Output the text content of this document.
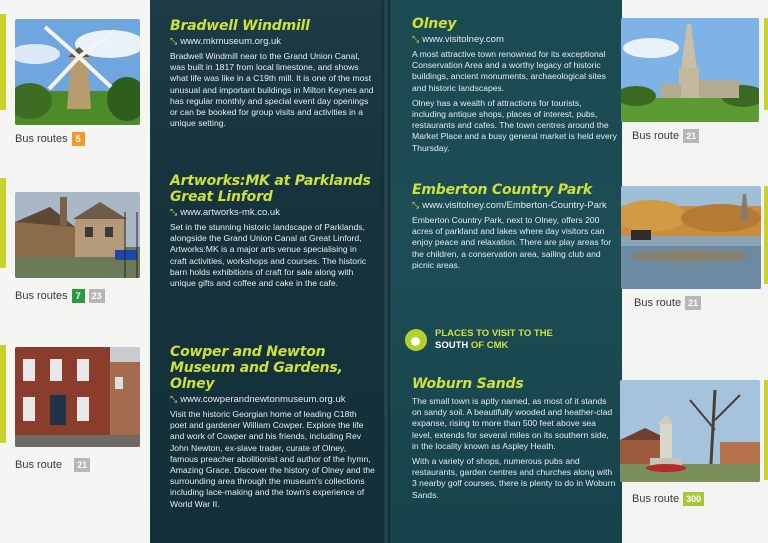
Bus routes 5
Bus routes 7	23
Bus route	21
Bradwell Windmill
⤡ www.mkmuseum.org.uk

Bradwell Windmill near to the Grand Union Canal, was built in 1817 from local limestone, and shows what life was like in a C19th mill. It is one of the most unusual and important buildings in Milton Keynes and has regular monthly and special event day openings or can be booked for group visits and activities in a unique setting.

Artworks:MK at Parklands Great Linford
⤡ www.artworks-mk.co.uk

Set in the stunning historic landscape of Parklands, alongside the Grand Union Canal at Great Linford, Artworks:MK is a major arts venue specialising in craft activities, workshops and courses. The historic barn holds exhibitions of craft for sale along with unique gifts and coffee and cake in the cafe.

Cowper and Newton Museum and Gardens, Olney
⤡ www.cowperandnewtonmuseum.org.uk

Visit the historic Georgian home of leading C18th poet and gardener William Cowper. Explore the life and work of Cowper and his friends, including Rev John Newton, ex-slave trader, curate of Olney, famous preacher abolitionist and author of the hymn, Amazing Grace. Discover the history of Olney and the surrounding area through the museum's collections including lace-making and the town's experience of World War II.

Olney
⤡ www.visitolney.com

A most attractive town renowned for its exceptional Conservation Area and a worthy legacy of historic buildings, ancient monuments, archaeological sites and historic landscapes.

Olney has a wealth of attractions for tourists, including antique shops, places of interest, pubs, restaurants and cafes. The town centres around the Market Place and a busy general market is held every Thursday.

Emberton Country Park
⤡ www.visitolney.com/Emberton-Country-Park

Emberton Country Park, next to Olney, offers 200 acres of parkland and lakes where day visitors can enjoy peace and relaxation. There are play areas for the children, a conservation area, sailing club and picnic areas.

PLACES TO VISIT TO THE
SOUTH OF CMK
Woburn Sands

The small town is aptly named, as most of it stands on sandy soil. A beautifully wooded and heather-clad expanse, rising to more than 500 feet above sea level, extends for several miles on its southern side, in the locality known as Aspley Heath.

With a variety of shops, numerous pubs and restaurants, garden centres and churches along with 3 nearby golf courses, there is plenty to do in Woburn Sands.

Bus route 21
Bus route 21
Bus route 300
